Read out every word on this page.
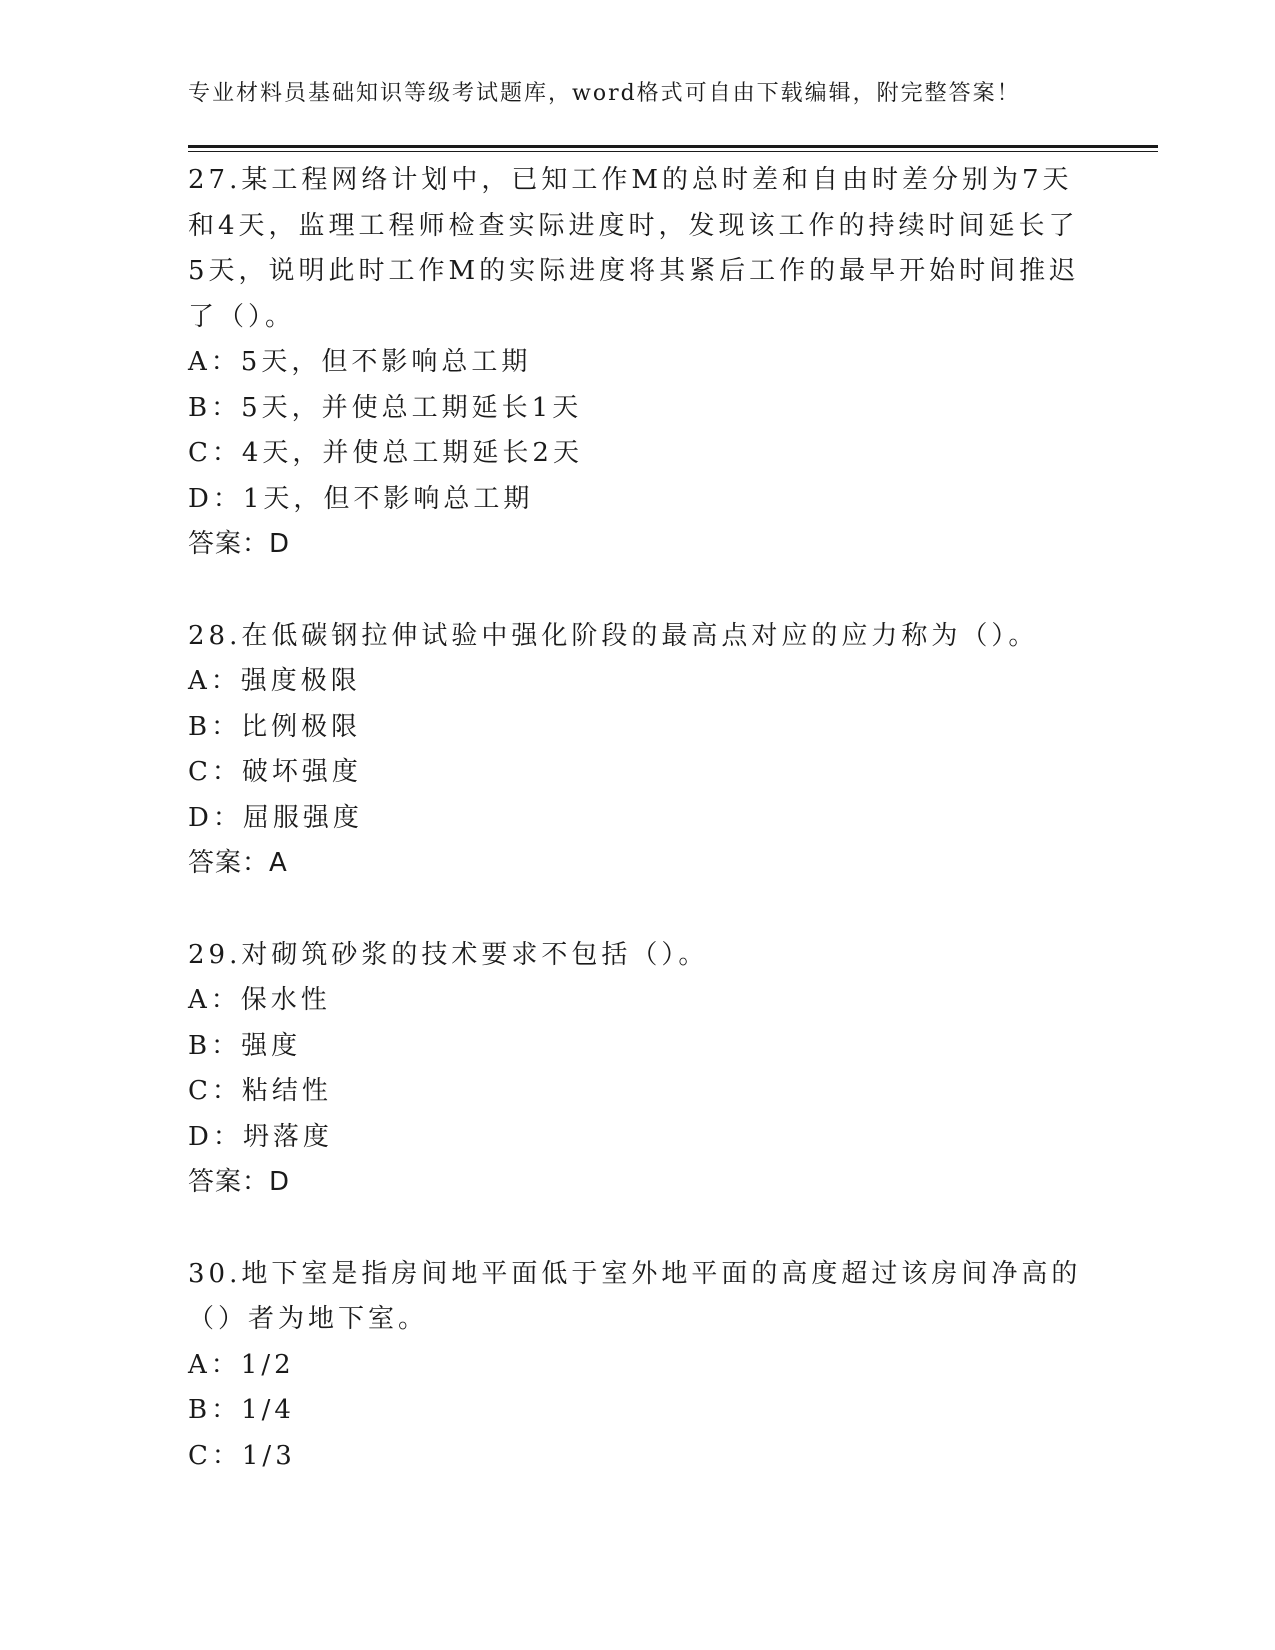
专业材料员基础知识等级考试题库，word格式可自由下载编辑，附完整答案！
27.某工程网络计划中，已知工作M的总时差和自由时差分别为7天和4天，监理工程师检查实际进度时，发现该工作的持续时间延长了5天，说明此时工作M的实际进度将其紧后工作的最早开始时间推迟了（）。
A：5天，但不影响总工期
B：5天，并使总工期延长1天
C：4天，并使总工期延长2天
D：1天，但不影响总工期
答案：D
28.在低碳钢拉伸试验中强化阶段的最高点对应的应力称为（）。
A：强度极限
B：比例极限
C：破坏强度
D：屈服强度
答案：A
29.对砌筑砂浆的技术要求不包括（）。
A：保水性
B：强度
C：粘结性
D：坍落度
答案：D
30.地下室是指房间地平面低于室外地平面的高度超过该房间净高的（）者为地下室。
A：1/2
B：1/4
C：1/3
